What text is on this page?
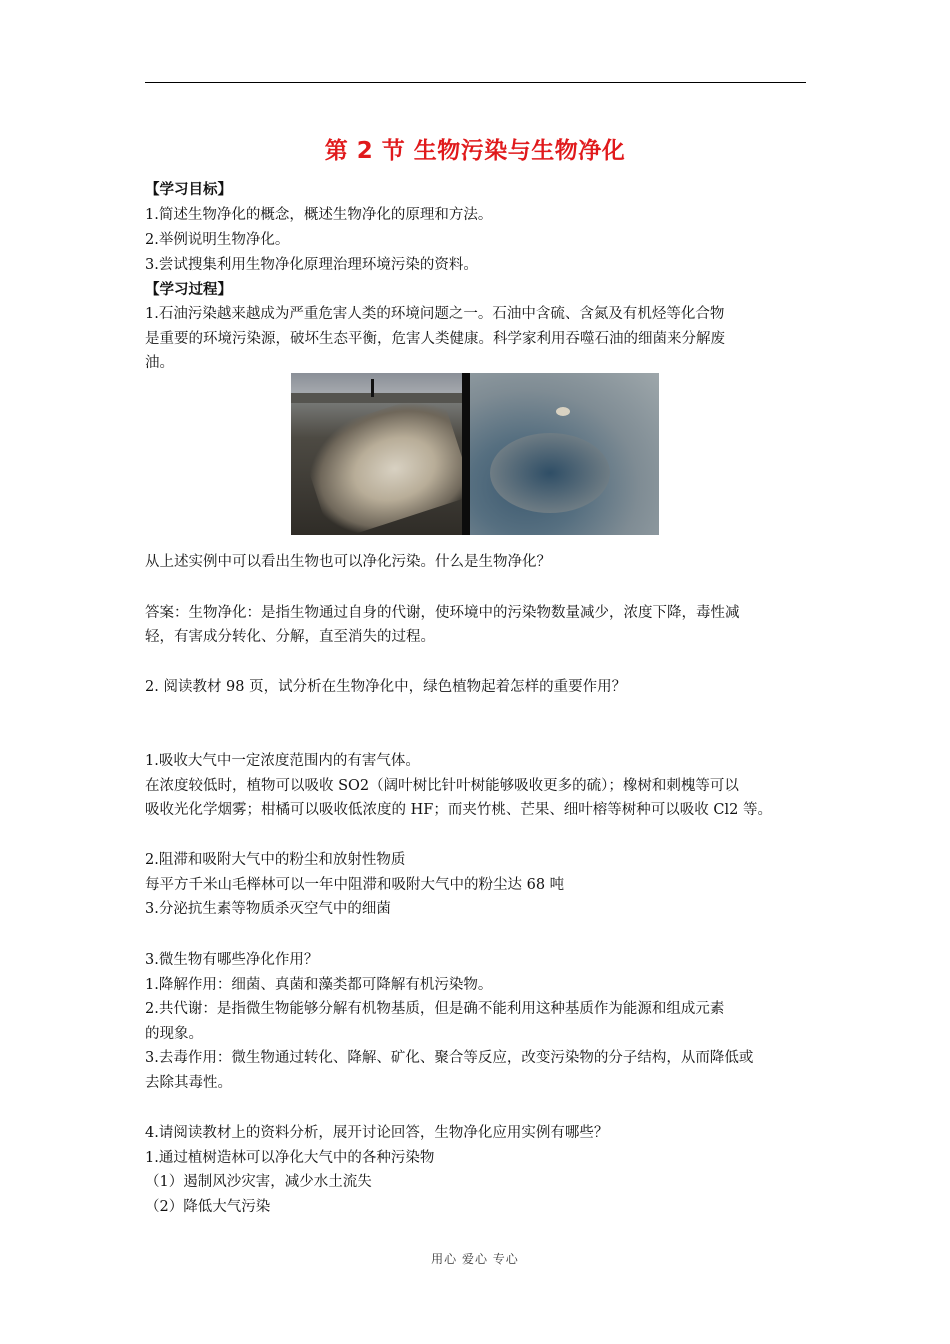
第 2 节 生物污染与生物净化
【学习目标】
1.简述生物净化的概念，概述生物净化的原理和方法。
2.举例说明生物净化。
3.尝试搜集利用生物净化原理治理环境污染的资料。
【学习过程】
1.石油污染越来越成为严重危害人类的环境问题之一。石油中含硫、含氮及有机烃等化合物
是重要的环境污染源，破坏生态平衡，危害人类健康。科学家利用吞噬石油的细菌来分解废
油。
从上述实例中可以看出生物也可以净化污染。什么是生物净化？
答案：生物净化：是指生物通过自身的代谢，使环境中的污染物数量减少，浓度下降，毒性减
轻，有害成分转化、分解，直至消失的过程。
2. 阅读教材 98 页，试分析在生物净化中，绿色植物起着怎样的重要作用？
1.吸收大气中一定浓度范围内的有害气体。
在浓度较低时，植物可以吸收 SO2（阔叶树比针叶树能够吸收更多的硫）；橡树和刺槐等可以
吸收光化学烟雾；柑橘可以吸收低浓度的 HF；而夹竹桃、芒果、细叶榕等树种可以吸收 Cl2 等。
2.阻滞和吸附大气中的粉尘和放射性物质
每平方千米山毛榉林可以一年中阻滞和吸附大气中的粉尘达 68 吨
3.分泌抗生素等物质杀灭空气中的细菌
3.微生物有哪些净化作用？
1.降解作用：细菌、真菌和藻类都可降解有机污染物。
2.共代谢：是指微生物能够分解有机物基质，但是确不能利用这种基质作为能源和组成元素
的现象。
3.去毒作用：微生物通过转化、降解、矿化、聚合等反应，改变污染物的分子结构，从而降低或
去除其毒性。
4.请阅读教材上的资料分析，展开讨论回答，生物净化应用实例有哪些？
1.通过植树造林可以净化大气中的各种污染物
（1）遏制风沙灾害，减少水土流失
（2）降低大气污染
用心 爱心 专心
